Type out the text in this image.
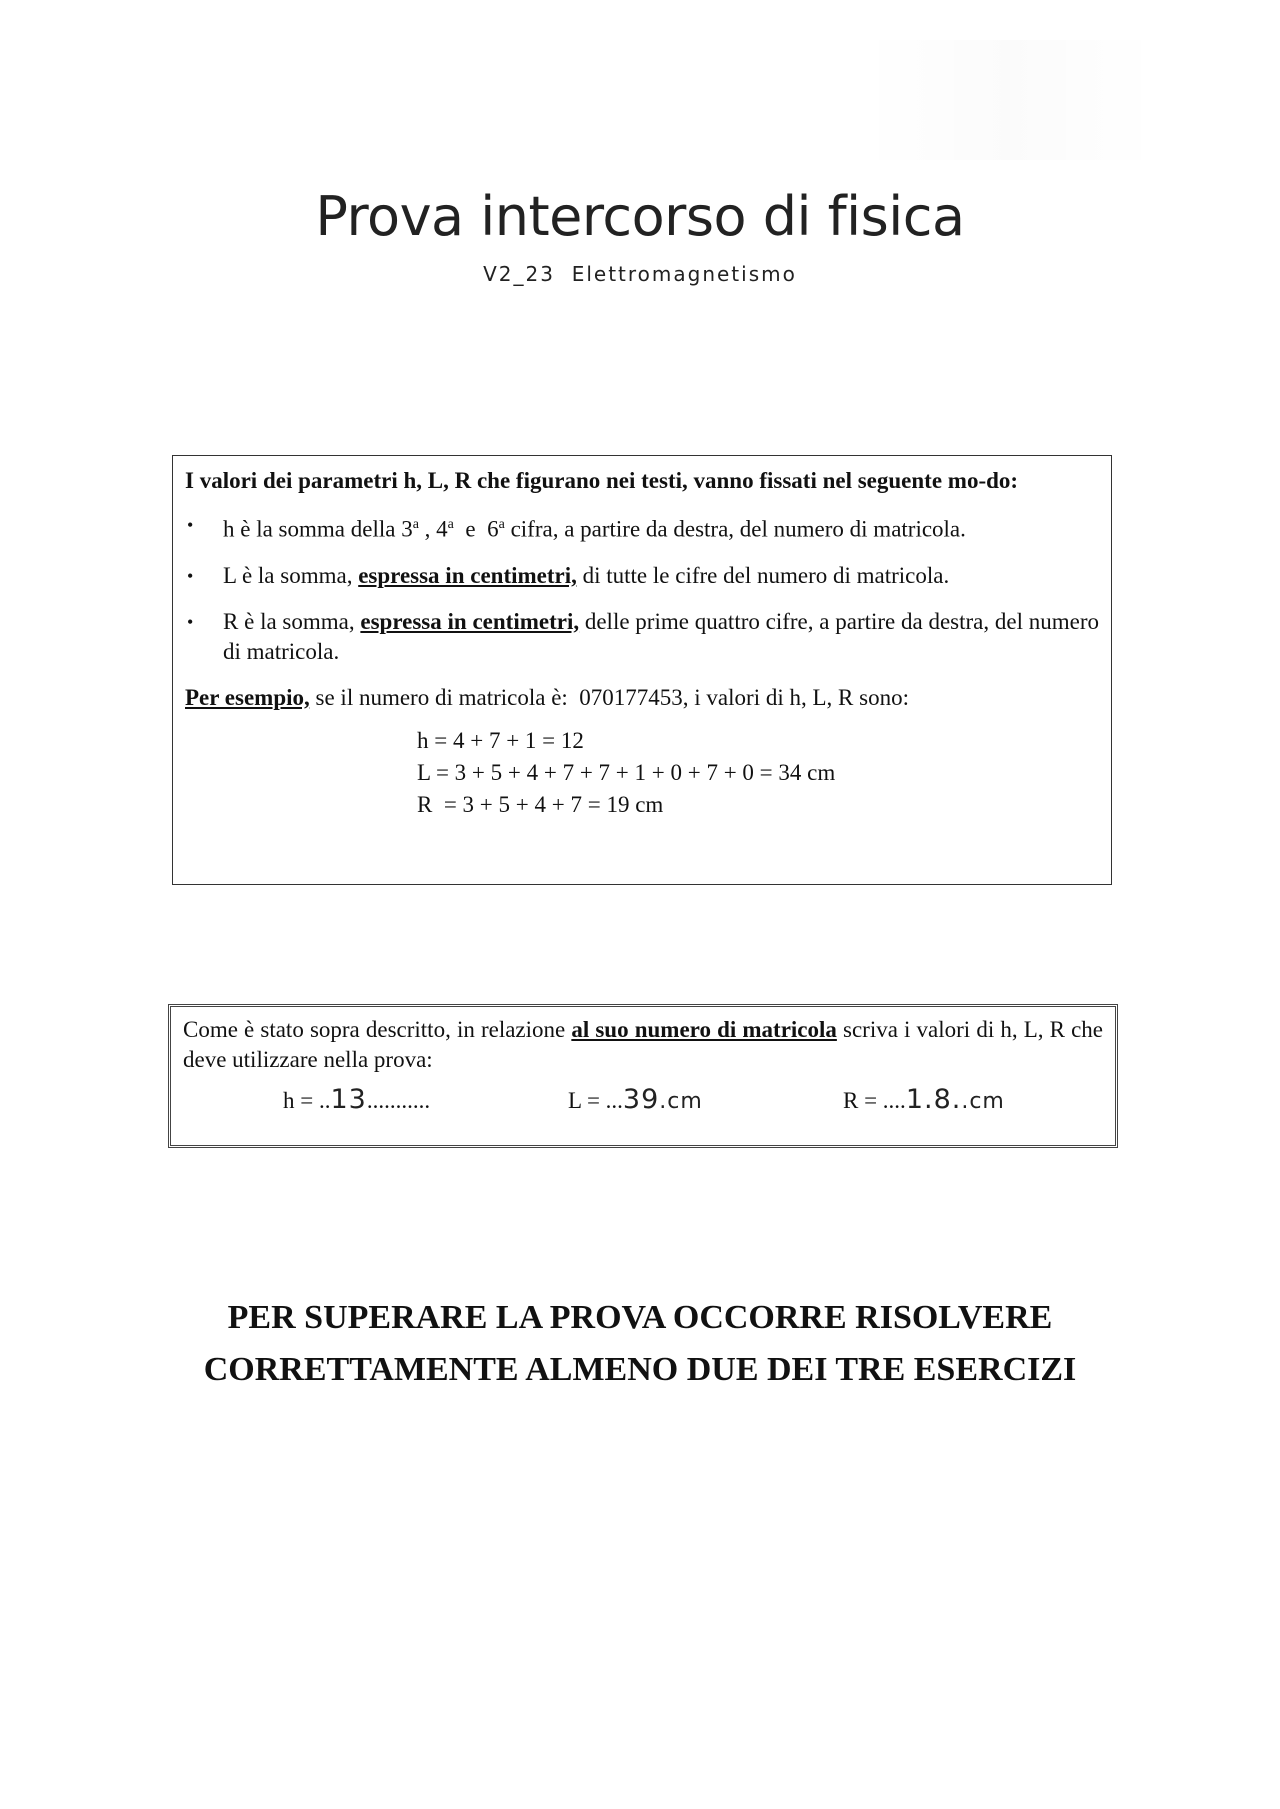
Prova intercorso di fisica
V2_23  Elettromagnetismo
I valori dei parametri h, L, R che figurano nei testi, vanno fissati nel seguente mo-do:
• h è la somma della 3$^a$ , 4$^a$  e  6$^a$ cifra, a partire da destra, del numero di matricola.
• L è la somma, espressa in centimetri, di tutte le cifre del numero di matricola.
• R è la somma, espressa in centimetri, delle prime quattro cifre, a partire da destra, del numero di matricola.
Per esempio, se il numero di matricola è:  070177453, i valori di h, L, R sono:
h = 4 + 7 + 1 = 12
L = 3 + 5 + 4 + 7 + 7 + 1 + 0 + 7 + 0 = 34 cm
R  = 3 + 5 + 4 + 7 = 19 cm
Come è stato sopra descritto, in relazione al suo numero di matricola scriva i valori di h, L, R che deve utilizzare nella prova:
h = ..13...........	L = ...39.cm	R = ....1.8..cm
PER SUPERARE LA PROVA OCCORRE RISOLVERE
CORRETTAMENTE ALMENO DUE DEI TRE ESERCIZI
